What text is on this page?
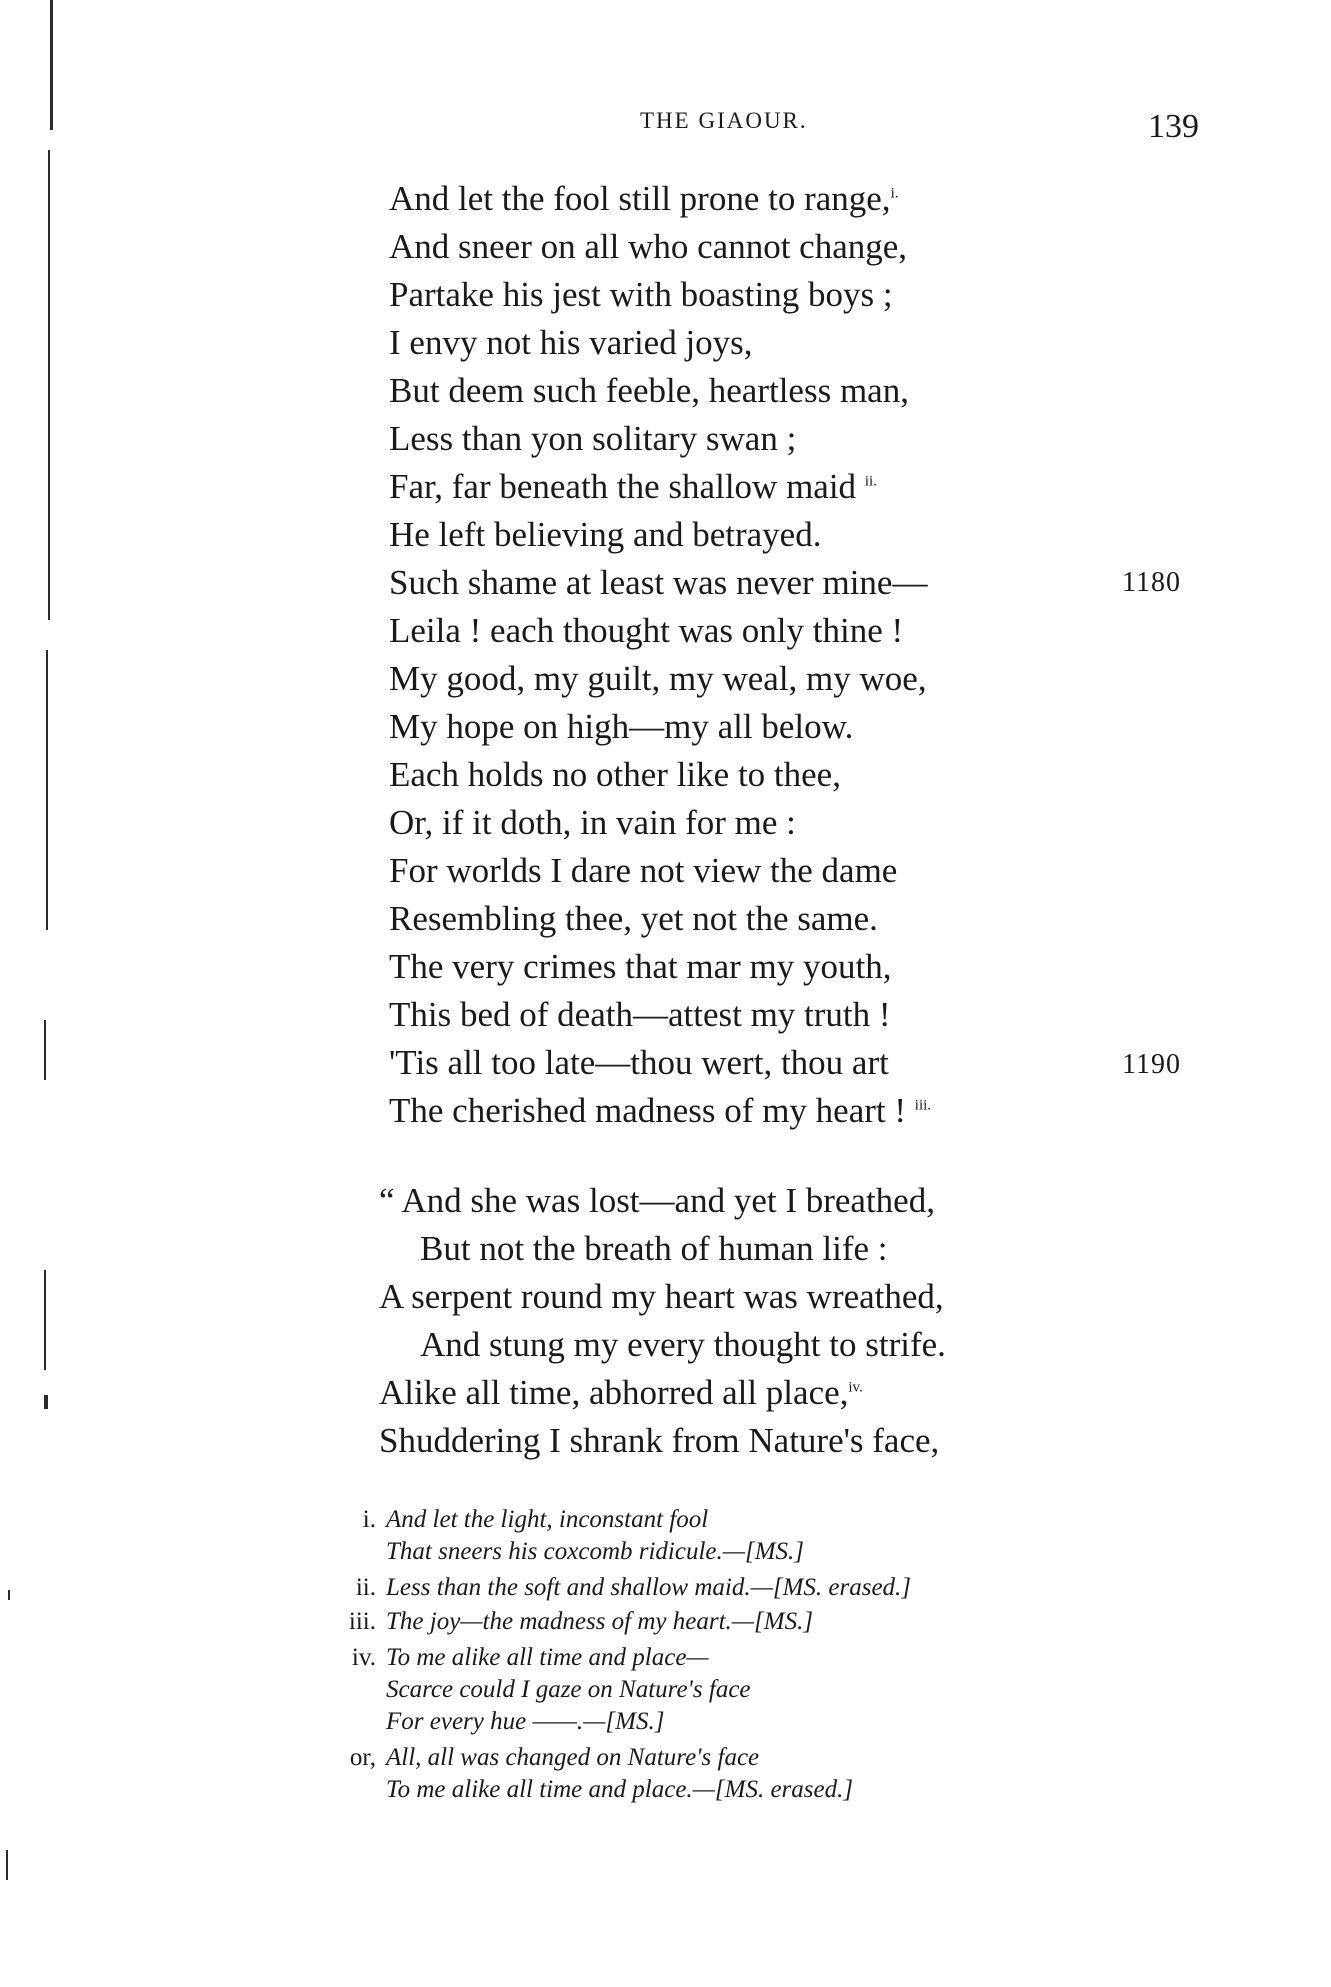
THE GIAOUR.	139
And let the fool still prone to range,$^{i.}$
And sneer on all who cannot change,
Partake his jest with boasting boys ;
I envy not his varied joys,
But deem such feeble, heartless man,
Less than yon solitary swan ;
Far, far beneath the shallow maid $^{ii.}$
He left believing and betrayed.
Such shame at least was never mine—	1180
Leila ! each thought was only thine !
My good, my guilt, my weal, my woe,
My hope on high—my all below.
Each holds no other like to thee,
Or, if it doth, in vain for me :
For worlds I dare not view the dame
Resembling thee, yet not the same.
The very crimes that mar my youth,
This bed of death—attest my truth !
'Tis all too late—thou wert, thou art	1190
The cherished madness of my heart ! $^{iii.}$
“ And she was lost—and yet I breathed,
But not the breath of human life :
A serpent round my heart was wreathed,
And stung my every thought to strife.
Alike all time, abhorred all place,$^{iv.}$
Shuddering I shrank from Nature's face,
i. And let the light, inconstant fool
That sneers his coxcomb ridicule.—[MS.]
ii. Less than the soft and shallow maid.—[MS. erased.]
iii. The joy—the madness of my heart.—[MS.]
iv. To me alike all time and place—
Scarce could I gaze on Nature's face
For every hue ——.—[MS.]
or, All, all was changed on Nature's face
To me alike all time and place.—[MS. erased.]
